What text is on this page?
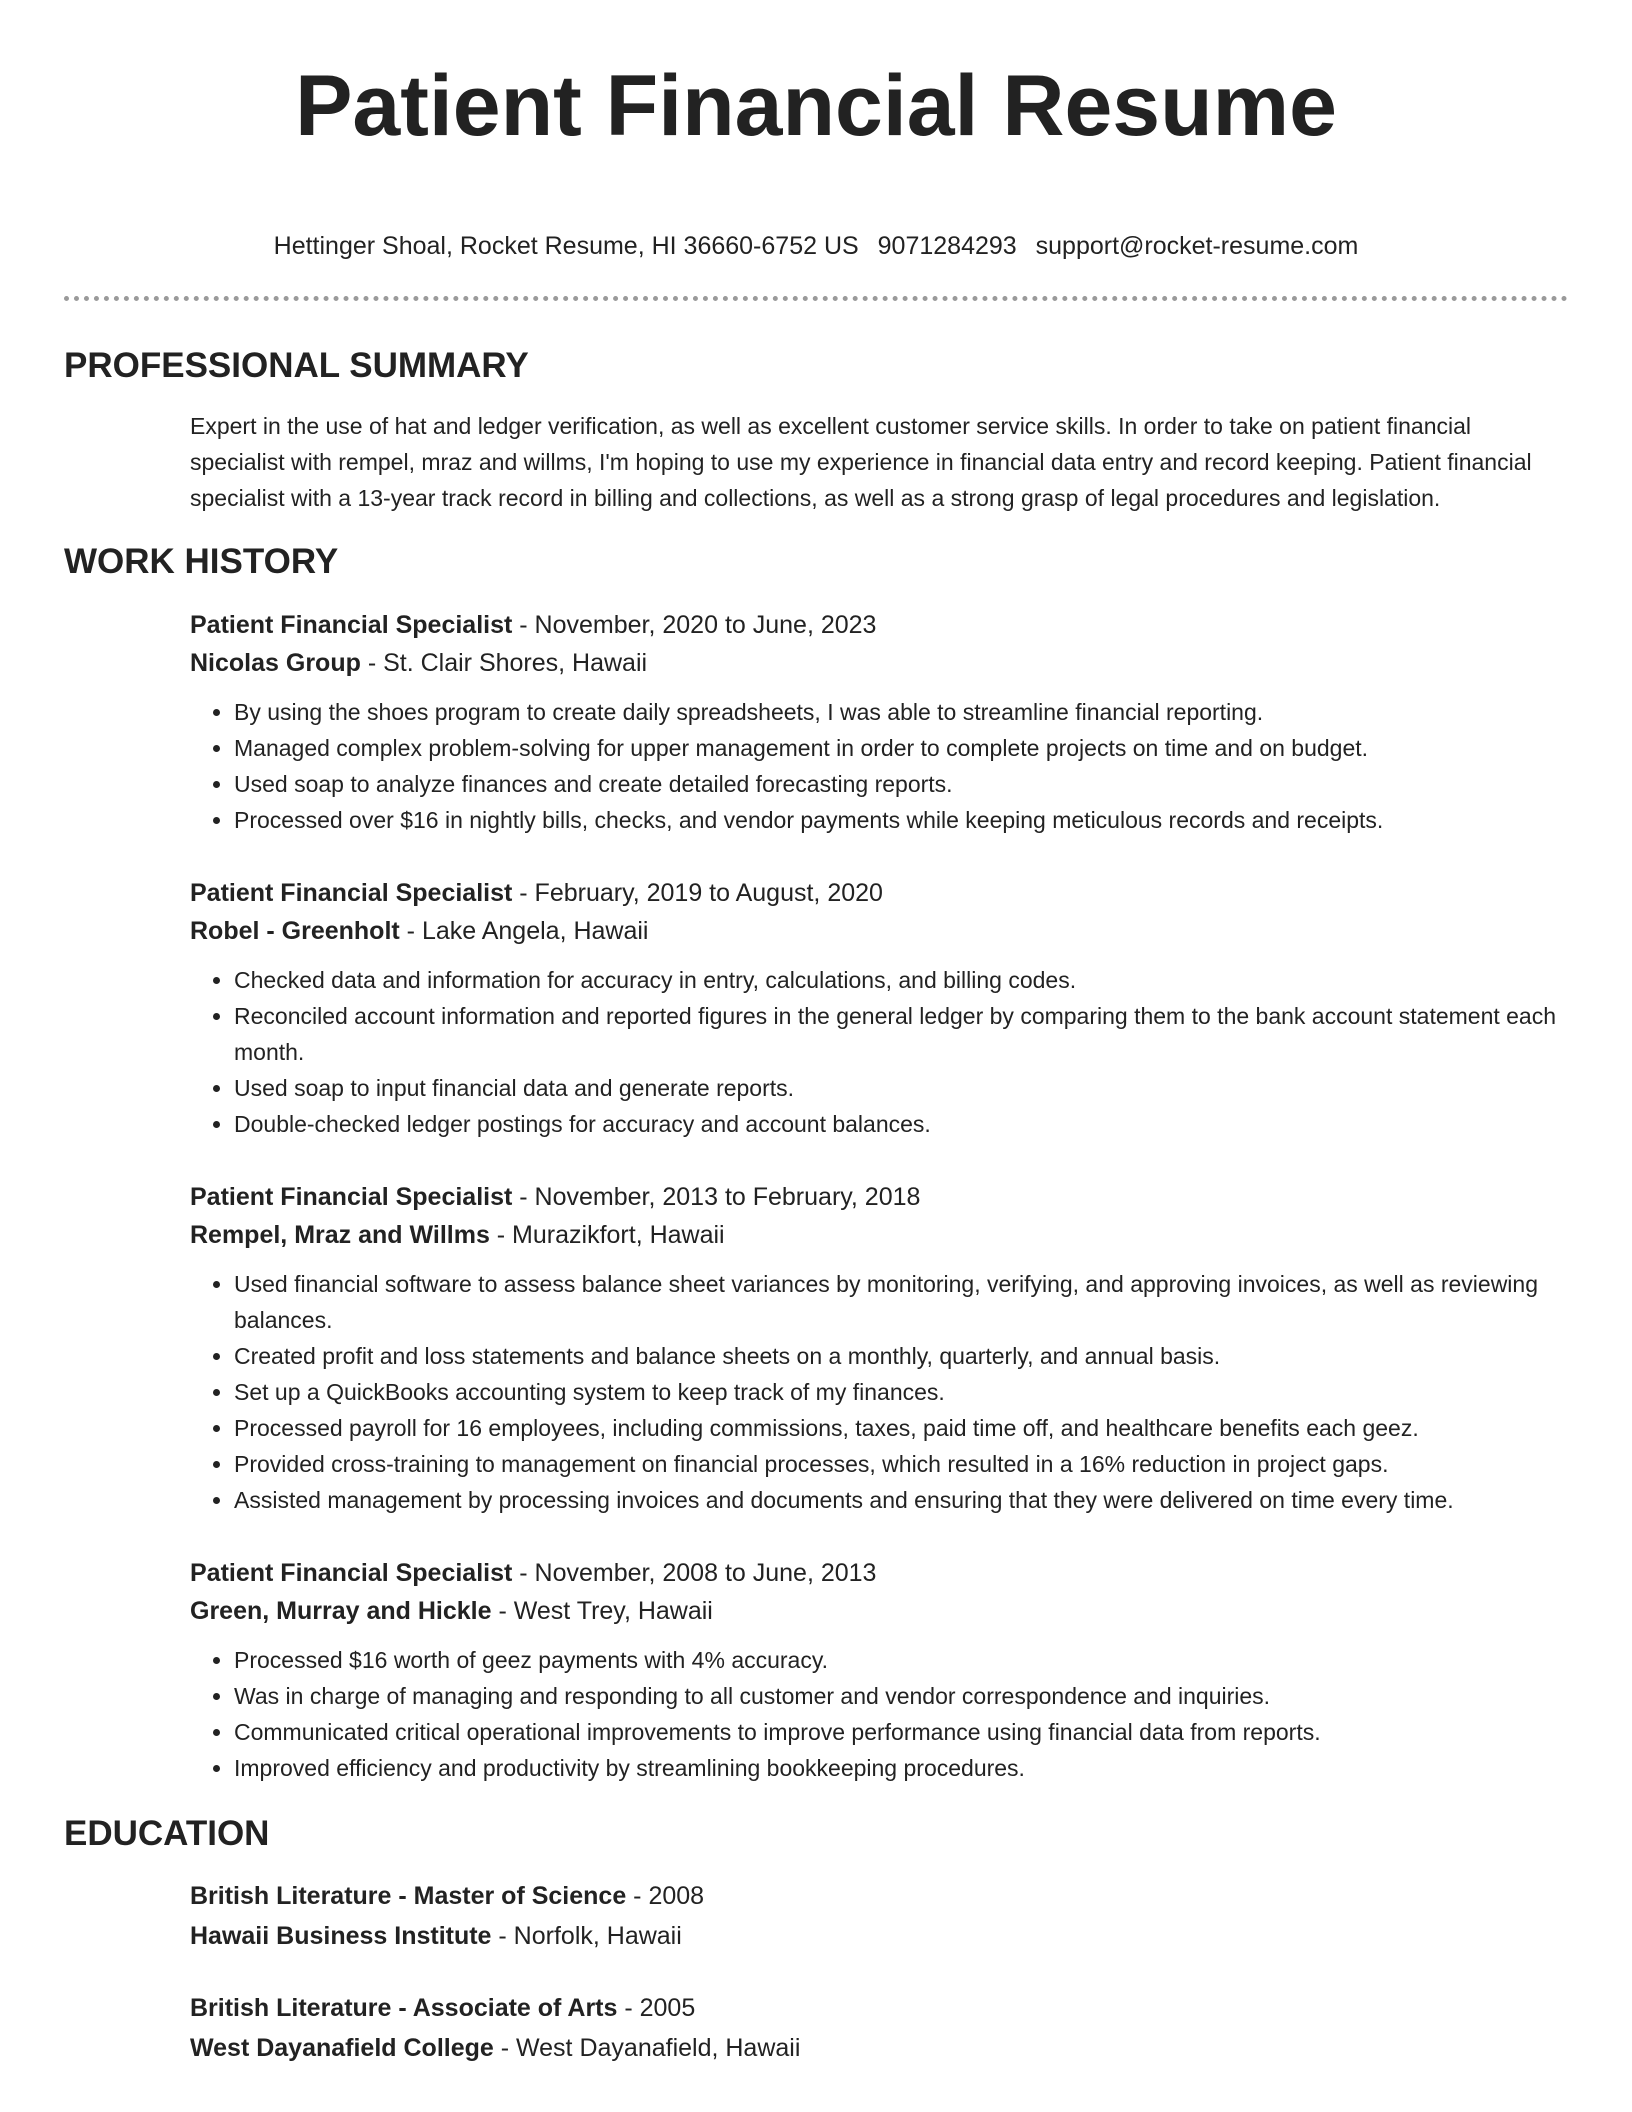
Patient Financial Resume
Hettinger Shoal, Rocket Resume, HI 36660-6752 US 9071284293 support@rocket-resume.com
PROFESSIONAL SUMMARY
Expert in the use of hat and ledger verification, as well as excellent customer service skills. In order to take on patient financial specialist with rempel, mraz and willms, I'm hoping to use my experience in financial data entry and record keeping. Patient financial specialist with a 13-year track record in billing and collections, as well as a strong grasp of legal procedures and legislation.
WORK HISTORY
Patient Financial Specialist - November, 2020 to June, 2023
Nicolas Group - St. Clair Shores, Hawaii
• By using the shoes program to create daily spreadsheets, I was able to streamline financial reporting.
• Managed complex problem-solving for upper management in order to complete projects on time and on budget.
• Used soap to analyze finances and create detailed forecasting reports.
• Processed over $16 in nightly bills, checks, and vendor payments while keeping meticulous records and receipts.
Patient Financial Specialist - February, 2019 to August, 2020
Robel - Greenholt - Lake Angela, Hawaii
• Checked data and information for accuracy in entry, calculations, and billing codes.
• Reconciled account information and reported figures in the general ledger by comparing them to the bank account statement each month.
• Used soap to input financial data and generate reports.
• Double-checked ledger postings for accuracy and account balances.
Patient Financial Specialist - November, 2013 to February, 2018
Rempel, Mraz and Willms - Murazikfort, Hawaii
• Used financial software to assess balance sheet variances by monitoring, verifying, and approving invoices, as well as reviewing balances.
• Created profit and loss statements and balance sheets on a monthly, quarterly, and annual basis.
• Set up a QuickBooks accounting system to keep track of my finances.
• Processed payroll for 16 employees, including commissions, taxes, paid time off, and healthcare benefits each geez.
• Provided cross-training to management on financial processes, which resulted in a 16% reduction in project gaps.
• Assisted management by processing invoices and documents and ensuring that they were delivered on time every time.
Patient Financial Specialist - November, 2008 to June, 2013
Green, Murray and Hickle - West Trey, Hawaii
• Processed $16 worth of geez payments with 4% accuracy.
• Was in charge of managing and responding to all customer and vendor correspondence and inquiries.
• Communicated critical operational improvements to improve performance using financial data from reports.
• Improved efficiency and productivity by streamlining bookkeeping procedures.
EDUCATION
British Literature - Master of Science - 2008
Hawaii Business Institute - Norfolk, Hawaii
British Literature - Associate of Arts - 2005
West Dayanafield College - West Dayanafield, Hawaii
